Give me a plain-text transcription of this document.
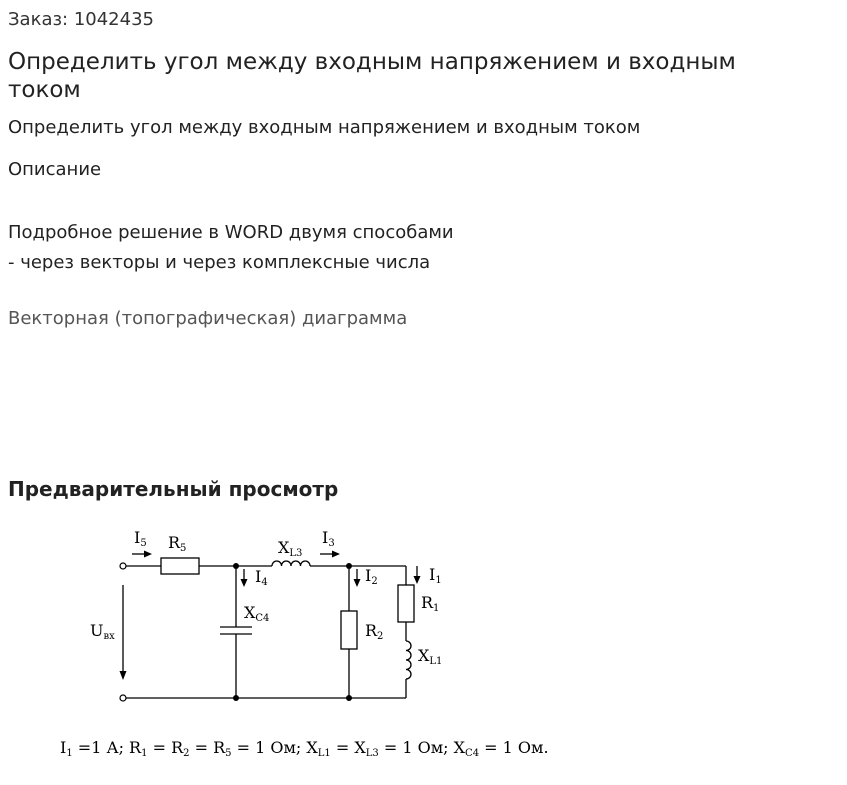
Заказ: 1042435
Определить угол между входным напряжением и входным током
Определить угол между входным напряжением и входным током
Описание
Подробное решение в WORD двумя способами
- через векторы и через комплексные числа
Векторная (топографическая) диаграмма
Предварительный просмотр
I5 R5	XL3
I3
I4
XC4
I2
R2
I1
R1
XL1
Uвх
I1 =1 А; R1 = R2 = R5 = 1 Ом; XL1 = XL3 = 1 Ом; XC4 = 1 Ом.
